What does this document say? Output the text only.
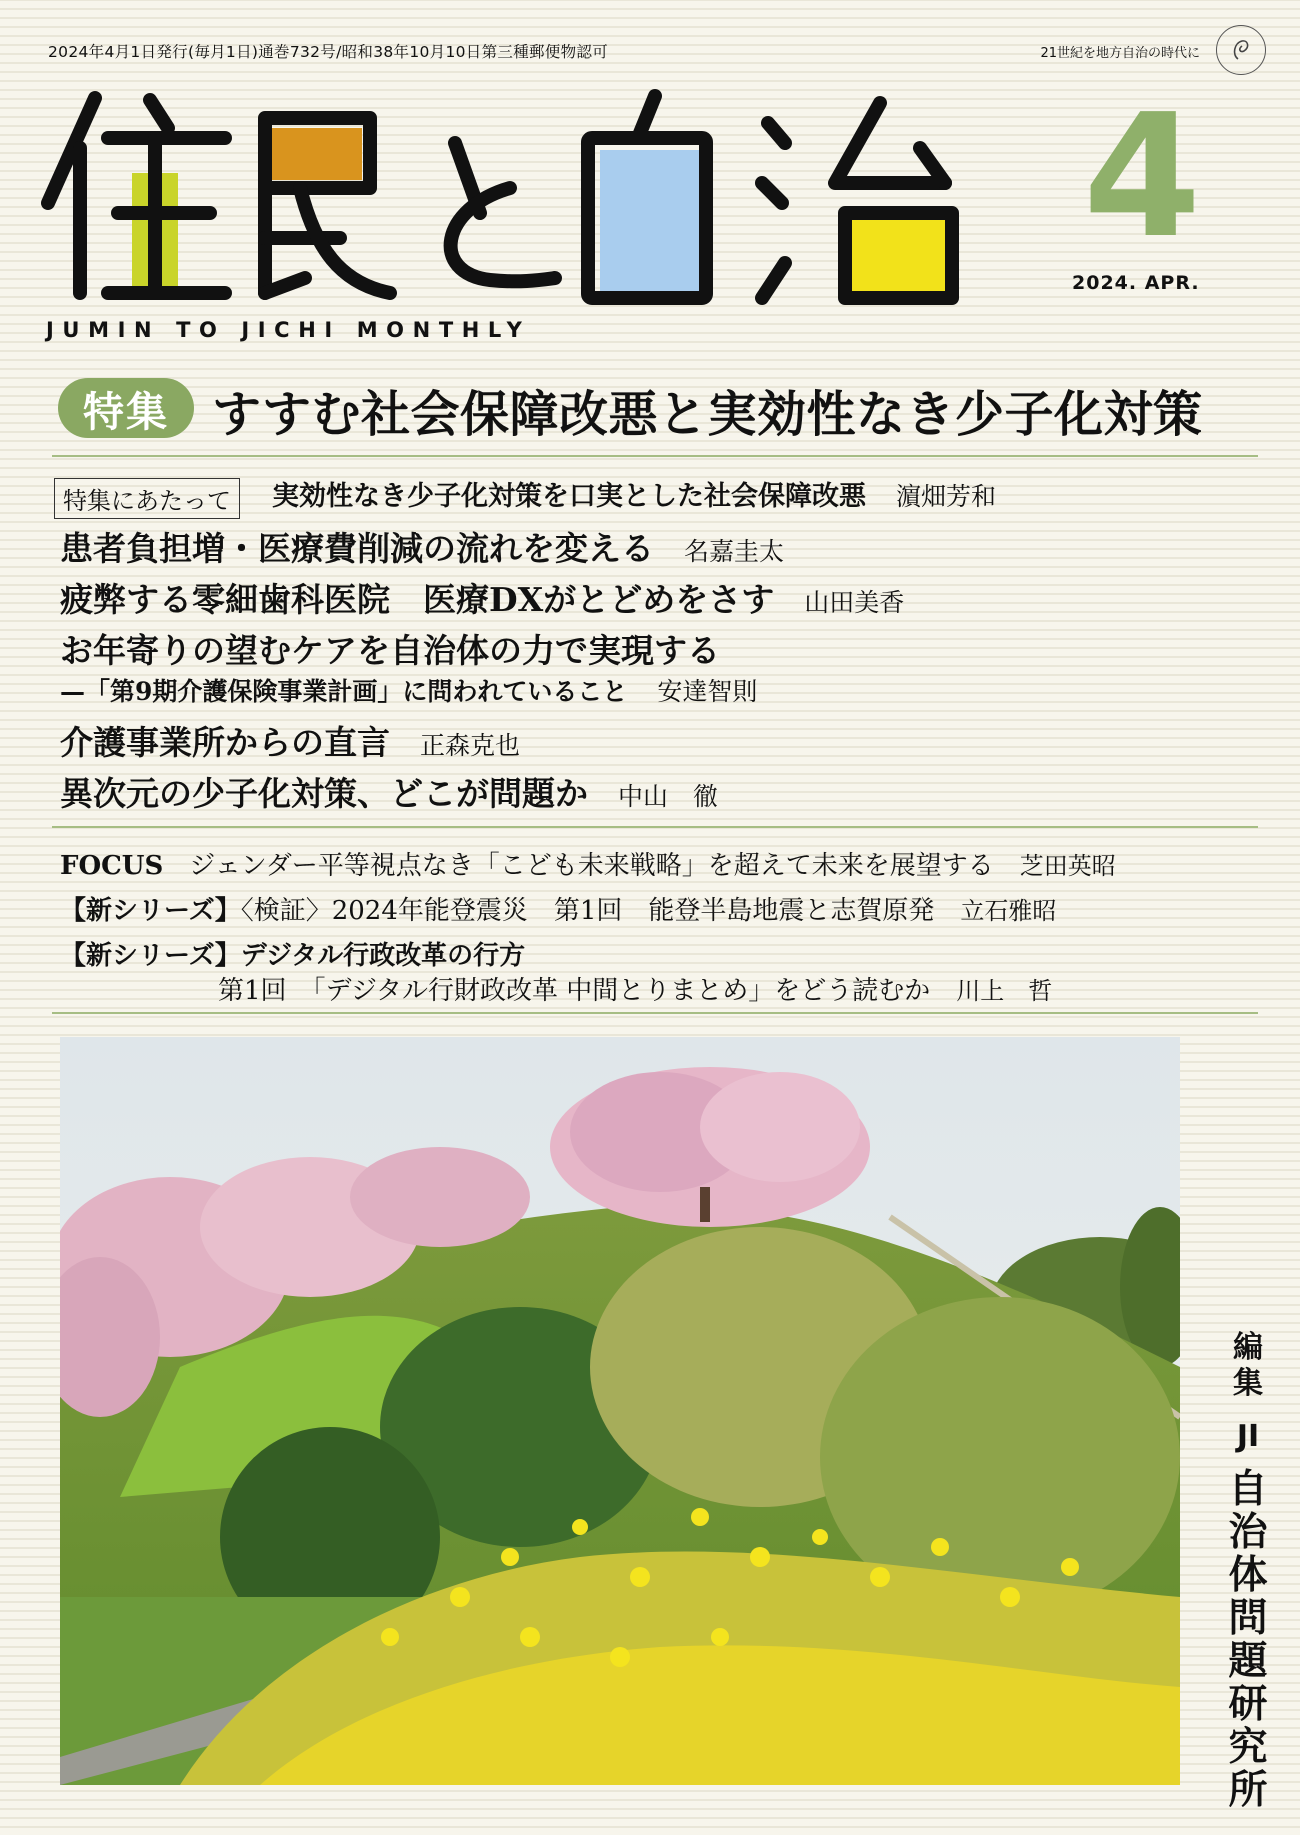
2024年4月1日発行(毎月1日)通巻732号/昭和38年10月10日第三種郵便物認可	21世紀を地方自治の時代に
JUMIN TO JICHI MONTHLY
4
2024. APR.
特集 すすむ社会保障改悪と実効性なき少子化対策
特集にあたって	実効性なき少子化対策を口実とした社会保障改悪 濵畑芳和
患者負担増・医療費削減の流れを変える 名嘉圭太
疲弊する零細歯科医院　医療DXがとどめをさす 山田美香
お年寄りの望むケアを自治体の力で実現する
—「第9期介護保険事業計画」に問われていること 安達智則
介護事業所からの直言 正森克也
異次元の少子化対策、どこが問題か 中山　徹
FOCUS ジェンダー平等視点なき「こども未来戦略」を超えて未来を展望する 芝田英昭
【新シリーズ】〈検証〉2024年能登震災　第1回　能登半島地震と志賀原発 立石雅昭
【新シリーズ】デジタル行政改革の行方
第1回　「デジタル行財政改革 中間とりまとめ」をどう読むか 川上　哲
編集
JI
自治体問題研究所
